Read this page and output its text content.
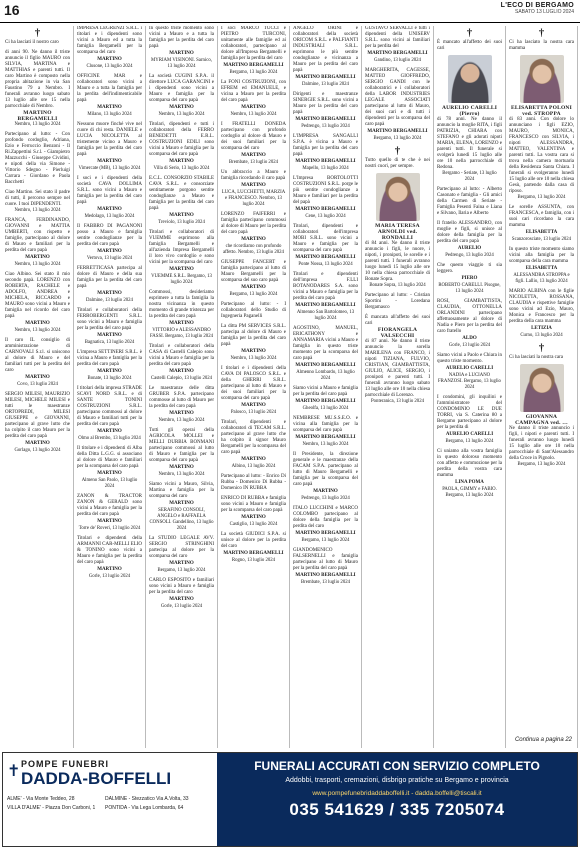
16	L'ECO DI BERGAMO
SABATO 13 LUGLIO 2024
†
Ci ha lasciati il nostro caro
di anni 90. Ne danno il triste annuncio il figlio MAURO con SILVIA, MARTINA e MATTHIAS e parenti tutti. Il caro Martino è composto nella propria abitazione in via San Faustino 79 a Nembro. I funerali avranno luogo sabato 13 luglio alle ore 15 nella parrocchiale di Nembro.
MARTINO BERGAMELLI
Nembro, 13 luglio 2024
Partecipano al lutto: - Con profondo cordoglio, Adriana, Ezio e Ferruccio Benzoni - Il Ri.Zappettini S.r.l. - Giampietro Mazzucchi - Giuseppe Cividini, e nipoti della via Simone - Vittorio Sdegno - Pierluigi Carrara - Giordano e Paola Bacchetti
Ciao Martino. Sei stato il padre di tutti, il percorso sempre nel cuore. I tuoi DIPENDENTI.
Nembro, 13 luglio 2024
FRANCA, FERDINANDO, GIOVANNI e MATTIA UMBERTI, con rispetto e famiglie, partecipano al dolore di Mauro e familiari per la perdita del caro papà
MARTINO
Nembro, 13 luglio 2024
Ciao Albino. Sei stato il mio secondo papà. LORENZO con ROBERTA, RACHELE e ADOLFO, ANDREA e MICHELA, RICCARDO e MAURO sono vicini a Mauro e famiglia nel ricordo del caro papà
MARTINO
Nembro, 13 luglio 2024
Il caro IL consiglio di amministrazione di CARNOVALI S.r.l. si uniscono al dolore di Mauro e del familiari tutti per la perdita del caro
MARTINO
Covo, 13 luglio 2024
SERGIO MILESI, MAURIZIO MILESI, MICHELE MILESI e tutti le maestranze ORTOPREDI, MILESI GIUSEPPE e GIOVANNI, partecipano al grave lutto che ha colpito il caro Mauro per la perdita del caro papà
MARTINO
Gorlago, 13 luglio 2024
IMPRESA LEGRENZI S.R.L. i titolari e i dipendenti sono vicini a Mauro ed a tutta la famiglia Bergamelli per la scomparsa del caro
MARTINO
Clusone, 13 luglio 2024
OFFICINE MAR e collaboratori sono vicini a Mauro e a tutta la famiglia per la perdita dell'indimenticabile papà
MARTINO
Milano, 13 luglio 2024
Nessuno muore finché vive nel cuore di chi resta. DANIELE e LUCIA NICOLETTA al tristemente vicino a Mauro e famiglia per la perdita del caro papà
MARTINO
Vimercate (MB), 13 luglio 2024
I soci e i dipendenti della società CAVA DOLLIMA S.R.L. sono vicini a Mauro e famiglia per la perdita del caro papà
MARTINO
Medolago, 13 luglio 2024
Il FABBRO DI PAGANONI posso a Mauro e famiglia sentite condoglianze per la perdita del caro papà
MARTINO
Vertova, 13 luglio 2024
FERRETTICASA partecipa al dolore di Mauro e della sua famiglia per la perdita del caro papà
MARTINO
Dalmine, 13 luglio 2024
Titolari e collaboratori della FERROBERGENTI S.R.L. sono vicini a Mauro e famiglia per la perdita del caro papà
MARTINO
Bagnatica, 13 luglio 2024
L'impresa SETTINERI S.R.L. è vicina a Mauro e famiglia per la perdita del caro papà
MARTINO
Bonate, 13 luglio 2024
I titolari della impresa STRADE SCAVI NORD S.R.L. e di SANTE TONINI COSTRUZIONI S.R.L. partecipano commossi al dolore di Mauro e familiari tutti per la perdita del caro papà
MARTINO
Olmo al Brembo, 13 luglio 2024
Il titolare e i dipendenti di Alba della Ditta L.G.G. si associano al dolore di Mauro e familiari per la scomparsa del caro papà
MARTINO
Almeno San Paolo, 13 luglio 2024
ZANON & TRACTOR ZANON & GERALD sono vicini a Mauro e famiglia per la perdita del caro papà
MARTINO
Torre de' Roveri, 13 luglio 2024
Titolari e dipendenti della ARMANNI CAR-MELLI ELIO & TONINO sono vicini a Mauro e famiglia per la perdita del caro papà
MARTINO
Gorle, 13 luglio 2024
In questo triste momento sono vicini a Mauro e a tutta la famiglia per la perdita del caro papà
MARTINO
MYRIAM VISINONI. Sarnico, 13 luglio 2024
La società CUGINI S.P.A. il direttore LUCA GARANCINI e i dipendenti sono vicini a Mauro e famiglia per la scomparsa del caro papà
MARTINO
Nembro, 13 luglio 2024
Titolari, dipendenti e tutti i collaboratori della FERRO BENEDETTI E.R.L. COSTRUZIONI EDILI sono vicini a Mauro e famiglia per la scomparsa del caro papà
MARTINO
Villa di Serio, 13 luglio 2024
E.C.L. CONSORZIO STABILE CAVA S.R.L. e consorziate sentitamente porgono sentite condoglianze a Mauro e famiglia per la perdita del caro papà
MARTINO
Treviolo, 13 luglio 2024
Titolari e collaboratori di VUEMME esprimono alla famiglia Bergamelli e all'azienda Impresa Bergamelli il loro vivo cordoglio e sono vicini per la scomparsa del caro
MARTINO
VUEMME S.R.L. Bergamo, 13 luglio 2024
Commossi, desideriamo esprimere a tutta la famiglia la nostra vicinanza in questo momento di grande tristezza per la perdita del caro papà
MARTINO
VITTORIO e ALESSANDRO FASSI. Bergamo, 13 luglio 2024
Titolari e collaboratori della CASA di Castelli Calepio sono vicini a Mauro e famiglia per la perdita del caro papà
MARTINO
Castelli Calepio, 13 luglio 2024
Le maestranze delle ditta GRUBER S.P.A. partecipano commosse al lutto di Mauro per la perdita del caro papà
MARTINO
Nembro, 13 luglio 2024
Tutti gli operai della AGRICOLA MOLLEI e MELLI DURBIA BONMANI partecipano commossi al lutto di Mauro e famiglia per la scomparsa del caro papà
MARTINO
Nembro, 13 luglio 2024
Siamo vicini a Mauro, Silvia, Martina e famiglia per la scomparsa del caro
MARTINO
SERAFINO CONSOLI, ANGELO e RAFFAELA CONSOLI. Gandellino, 13 luglio 2024
La STUDIO LEGALE AVV. SERGIO STRINGHINI partecipa al dolore per la scomparsa del caro
MARTINO
Bergamo, 13 luglio 2024
CARLO ESPOSITO e familiari sono vicini a Mauro e famiglia per la perdita del caro
MARTINO
Gorle, 13 luglio 2024
I soci MARCO TUCCI e PIETRO TURCONI, unitamente alle famiglie ed ai collaboratori, partecipano al dolore all'Impresa Bergamelli e famiglia per la perdita del caro
MARTINO BERGAMELLI
Bergamo, 13 luglio 2024
La FONI COSTRUZIONI, con EFREM ed EMANUELE, e vicina a Mauro per la perdita del caro papà
MARTINO
Nembro, 13 luglio 2024
I FRATELLI DONEDA partecipano con profondo cordoglio al dolore di Mauro e dei suoi familiari per la scomparsa del caro
MARTINO
Brembate, 13 luglio 2024
Un abbraccio a Mauro e famiglia ricordando il caro papà
MARTINO
LUCA, LUCCHETTI, MARZIA e FRANCESCO. Nembro, 13 luglio 2024
LORENZO FAIFERRI e famiglia partecipano commossi al dolore di Mauro per la perdita del caro papà
MARTINO
che ricordiamo con profondo affetto. Nembro, 13 luglio 2024
GIUSEPPE FANCERT e famiglia partecipano al lutto di Mauro Bergamelli per la scomparsa del suo caro papà
MARTINO
Bergamo, 13 luglio 2024
Partecipano al lutto: - I collaboratori dello Studio di Ingegneria Paganelli
La ditta PM SERVICES S.R.L. partecipa al dolore di Mauro e famiglia per la perdita del caro papà
MARTINO
Nembro, 13 luglio 2024
I titolari e i dipendenti della CAVA DI PALOSCO S.R.L. e della GHERRI S.R.L. partecipano al lutto di Mauro e dei suoi familiari per la scomparsa del caro papà
MARTINO
Palosco, 13 luglio 2024
Titolari, dipendenti e collaboratori di TECAM S.R.L. partecipano al grave lutto che ha colpito il signor Mauro Bergamelli per la scomparsa del caro papà
MARTINO
Albino, 13 luglio 2024
Partecipano al lutto: - Enrico Di Rubba - Domenico Di Rubba - Domenico IN RUBBA
ENRICO DI RUBBA e famiglia sono vicini a Mauro e famiglia per la scomparsa del caro papà
MARTINO
Castiglio, 13 luglio 2024
La società GIUDICI S.P.A. si unisce al dolore per la perdita del caro
MARTINO BERGAMELLI
Rogno, 13 luglio 2024
ANGELO ORINI e collaboratori della società ORICOM S.R.L. e PALFIANTI INDUSTRIALI S.R.L. esprimono le più sentite condoglianze e vicinanza a Mauro per la perdita del caro papà
MARTINO BERGAMELLI
Dalmine, 13 luglio 2024
Dirigenti e maestranze SINERGIE S.R.L. sono vicini a Mauro per la perdita del caro papà
MARTINO BERGAMELLI
Pedrengo, 13 luglio 2024
L'IMPRESA SANGALLI S.P.A. è vicina a Mauro e famiglia per la perdita del caro papà
MARTINO BERGAMELLI
Mapello, 13 luglio 2024
L'Impresa BORTOLOTTI COSTRUZIONI S.R.L. porge le più sentite condoglianze a Mauro e familiari per la perdita del papà
MARTINO BERGAMELLI
Cene, 13 luglio 2024
Titolari, dipendenti e collaboratori dell'impresa MOBI S.R.L. sono vicini a Mauro e famiglia per la scomparsa del caro papà
MARTINO BERGAMELLI
Ponte Nossa, 13 luglio 2024
Titolari e dipendenti dell'impresa F.LLI BOTANODARES S.A. sono vicini a Mauro e famiglia per la perdita del caro papà
MARTINO BERGAMELLI
Almenno San Bartolomeo, 13 luglio 2024
AGOSTINO, MANUEL, ERICATHONY e ANNAMARIA vicini a Mauro e famiglia in questo triste momento per la scomparsa del caro papà
MARTINO BERGAMELLI
Almenno Lombardo, 13 luglio 2024
Siamo vicini a Mauro e famiglia per la perdita del caro papà
MARTINO BERGAMELLI
Gheolfa, 13 luglio 2024
NEMBRESE MU.S.S.E.O. e vicina alla famiglia per la scomparsa del caro papà
MARTINO BERGAMELLI
Nembro, 13 luglio 2024
Il Presidente, la direzione generale e le maestranze della FACAM S.P.A. partecipano al lutto di Mauro Bergamelli e famiglia per la scomparsa del caro papà
MARTINO
Pedrengo, 13 luglio 2024
ITALO LUCCHINI e MARCO COLOMBO partecipano al dolore della famiglia per la perdita del caro
MARTINO BERGAMELLI
Bergamo, 13 luglio 2024
GIANDOMENICO FALSERNELLI e famiglia partecipano al lutto di Mauro per la perdita del caro papà
MARTINO BERGAMELLI
Brembate, 13 luglio 2024
GUSTAVO SERVALLI e tutti i dipendenti della UNISERV S.R.L. sono vicini ai familiari per la perdita del
MARTINO BERGAMELLI
Gandino, 13 luglio 2024
MARGHERITA, CAGESSE, MATTEO GIOFFREDO, SERGIO GANDI con le collaboratrici e i collaboratori della LABOR INDUSTRIES LEGALE ASSOCIATI partecipano al lutto di Mauro, dei suoi cari e di tutti i dipendenti per la scomparsa del caro papà
MARTINO BERGAMELLI
Bergamo, 13 luglio 2024
†
Tutto quello di te che è nei nostri cuori, per sempre.
MARIA TERESA ARNOLDI ved. RONDALLI
di 84 anni. Ne danno il triste annuncio i figli, le nuore, i nipoti, i pronipoti, le sorelle e i parenti tutti. I funerali avranno luogo lunedì 15 luglio alle ore 10 nella chiesa parrocchiale di Bonate Sopra.
Bonate Sopra, 13 luglio 2024
Partecipano al lutto: - Cristian Sportini - Loredana Bergamasco
È mancata all'affetto dei suoi cari
FIORANGELA VALSECCHI
di 87 anni. Ne danno il triste annuncio la sorella MARILENA con FRANCO, i nipoti TIZIANA, FULVIO, CRISTIAN, GIAMBATTISTA, GIULIO, ALICE, SERGIO, i pronipoti e parenti tutti. I funerali avranno luogo sabato 13 luglio alle ore 10 nella chiesa parrocchiale di Lorenzo.
Ponteranica, 13 luglio 2024
†
È mancato all'affetto dei suoi cari
AURELIO CARELLI (Pierro)
di 78 anni. Ne danno il annuncio la moglie RITA, i figli PATRIZIA, CHIARA con STEFANO e gli adorati nipoti MARIA, ELENA, LORENZO e parenti tutti. Il funerale si svolgerà lunedì 15 luglio alle ore 10 nella parrocchiale di Redona.
Bergamo - Seriate, 13 luglio 2024
Partecipano al lutto: - Alberto Casonato e famiglia - Gli amici della Carmen di Seriate - Famiglia Pesenti Faina e Liana e Silvano, Ilaria e Alberto
Il fratello ALESSANDRO, con moglie e figli, si unisce al dolore della famiglia per la perdita del caro papà
AURELIO
Pedrengo, 13 luglio 2024
Che questo viaggio ti sia leggero.
PIERO
ROBERTO CARELLI. Pisogne, 13 luglio 2024
ROSI, GIAMBATTISTA, CLAUDIA, OTTONELLA ORLANDINI partecipano affettuosamente al dolore di Nadia e Piero per la perdita del caro fratello
ALDO
Gorle, 13 luglio 2024
Siamo vicini a Paolo e Chiara in questo triste momento.
AURELIO CARELLI
NADIA e LUCIANO FRANZOSI. Bergamo, 13 luglio 2024
I condomini, gli inquilini e l'amministratore del CONDOMINIO LE DUE TORRI, via S. Caterina 80 a Bergamo partecipano al dolore per la perdita di
AURELIO CARELLI
Bergamo, 13 luglio 2024
Ci uniamo alla vostra famiglia in questo doloroso momento con affetto e commozione per la perdita della vostra cara mamma
LINA POMA
PAOLA, GIMMY e FABIO. Bergamo, 13 luglio 2024
†
Ci ha lasciato la nostra cara mamma
ELISABETTA POLONI ved. STROPPA
di 83 anni. Con dolore lo annunciano i figli EZIO, MAURO, MONICA, FRANCESCO con SILVIA, i nipoti ALESSANDRA, MATTEO, VALENTINA e parenti tutti. La vostra cara si trova nella camera mortuaria della Residenza Santa Chiara. I funerali si svolgeranno lunedì 15 luglio alle ore 10 nella chiesa Gesù, partendo dalla casa di riposo.
Bergamo, 13 luglio 2024
Le sorelle ASSUNTA, con FRANCESCA, e famiglia, con i suoi cari ricordano la cara mamma
ELISABETTA
Scanzorosciate, 13 luglio 2024
In questo triste momento siamo vicini alla famiglia per la scomparsa della cara mamma
ELISABETTA
ALESSANDRA STROPPA e figli. Lallio, 13 luglio 2024
MARIO ALBINA con le figlie NICOLETTA, ROSSANA, CLAUDIA e rispettive famiglie sono vicini ad Ezio, Mauro, Monica e Francesco per la perdita della cara mamma
LETIZIA
Curno, 13 luglio 2024
†
Ci ha lasciati la nostra cara
GIOVANNA CAMPAGNA ved. …
Ne danno il triste annuncio i figli, i nipoti e parenti tutti. I funerali avranno luogo lunedì 15 luglio alle ore 10 nella parrocchiale di Sant'Alessandro della Croce in Pignolo.
Bergamo, 13 luglio 2024
Continua a pagina 22
✝ POMPE FUNEBRI
DADDA-BOFFELLI
ALME' - Via Monte Teddeo, 28	DALMINE - Stezzatico Via A.Volta, 33
VILLA D'ALME' - Piazza Don Carboni, 1 PONTIDA - Via Lega Lombarda, 64
FUNERALI ACCURATI CON SERVIZIO COMPLETO
Addobbi, trasporti, cremazioni, disbrigo pratiche su Bergamo e provincia
www.pompefunebridaddaboffelli.it - dadda.boffelli@tiscali.it
035 541629 / 335 7205074
